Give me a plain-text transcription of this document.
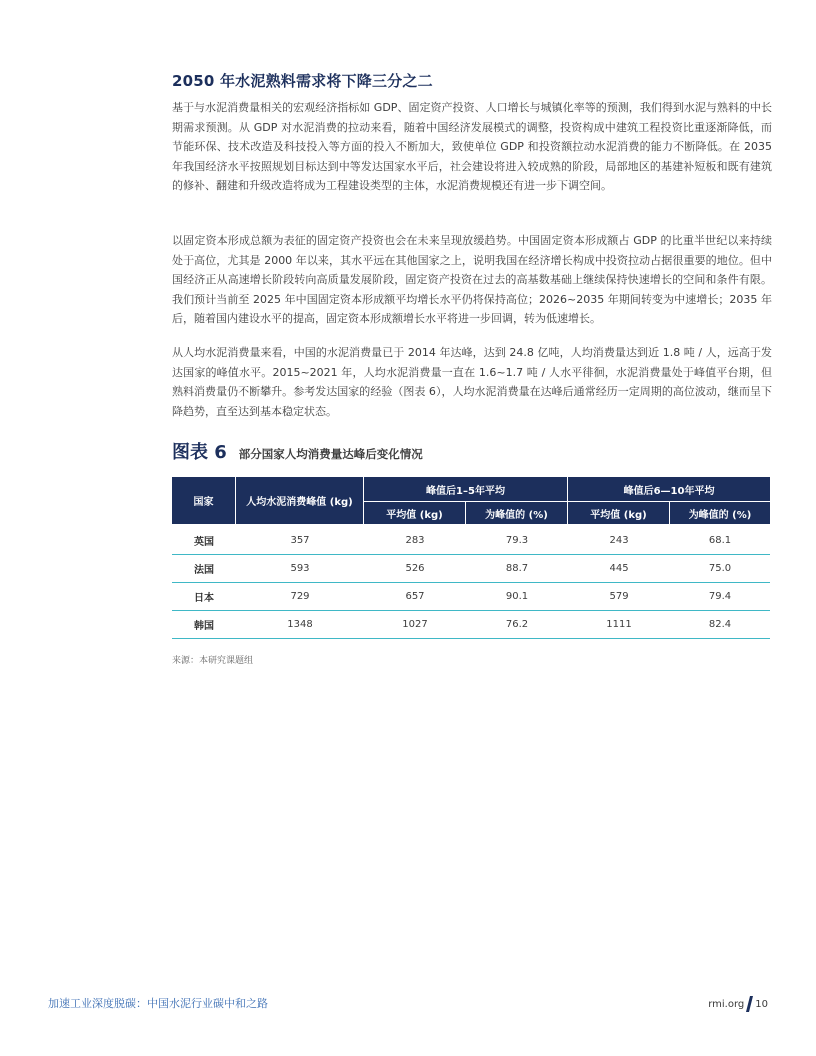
2050 年水泥熟料需求将下降三分之二

基于与水泥消费量相关的宏观经济指标如 GDP、固定资产投资、人口增长与城镇化率等的预测，我们得到水泥与熟料的中长期需求预测。从 GDP 对水泥消费的拉动来看，随着中国经济发展模式的调整，投资构成中建筑工程投资比重逐渐降低，而节能环保、技术改造及科技投入等方面的投入不断加大，致使单位 GDP 和投资额拉动水泥消费的能力不断降低。在 2035 年我国经济水平按照规划目标达到中等发达国家水平后，社会建设将进入较成熟的阶段，局部地区的基建补短板和既有建筑的修补、翻建和升级改造将成为工程建设类型的主体，水泥消费规模还有进一步下调空间。

以固定资本形成总额为表征的固定资产投资也会在未来呈现放缓趋势。中国固定资本形成额占 GDP 的比重半世纪以来持续处于高位，尤其是 2000 年以来，其水平远在其他国家之上，说明我国在经济增长构成中投资拉动占据很重要的地位。但中国经济正从高速增长阶段转向高质量发展阶段，固定资产投资在过去的高基数基础上继续保持快速增长的空间和条件有限。我们预计当前至 2025 年中国固定资本形成额平均增长水平仍将保持高位；2026~2035 年期间转变为中速增长；2035 年后，随着国内建设水平的提高，固定资本形成额增长水平将进一步回调，转为低速增长。

从人均水泥消费量来看，中国的水泥消费量已于 2014 年达峰，达到 24.8 亿吨，人均消费量达到近 1.8 吨 / 人，远高于发达国家的峰值水平。2015~2021 年，人均水泥消费量一直在 1.6~1.7 吨 / 人水平徘徊，水泥消费量处于峰值平台期，但熟料消费量仍不断攀升。参考发达国家的经验（图表 6），人均水泥消费量在达峰后通常经历一定周期的高位波动，继而呈下降趋势，直至达到基本稳定状态。

图表 6 部分国家人均消费量达峰后变化情况
国家	人均水泥消费峰值 (kg)	峰值后1–5年平均		峰值后6—10年平均	
		平均值 (kg)	为峰值的 (%)	平均值 (kg)	为峰值的 (%)
英国	357	283	79.3	243	68.1
法国	593	526	88.7	445	75.0
日本	729	657	90.1	579	79.4
韩国	1348	1027	76.2	1111	82.4
来源：本研究课题组
加速工业深度脱碳：中国水泥行业碳中和之路	rmi.org 10
